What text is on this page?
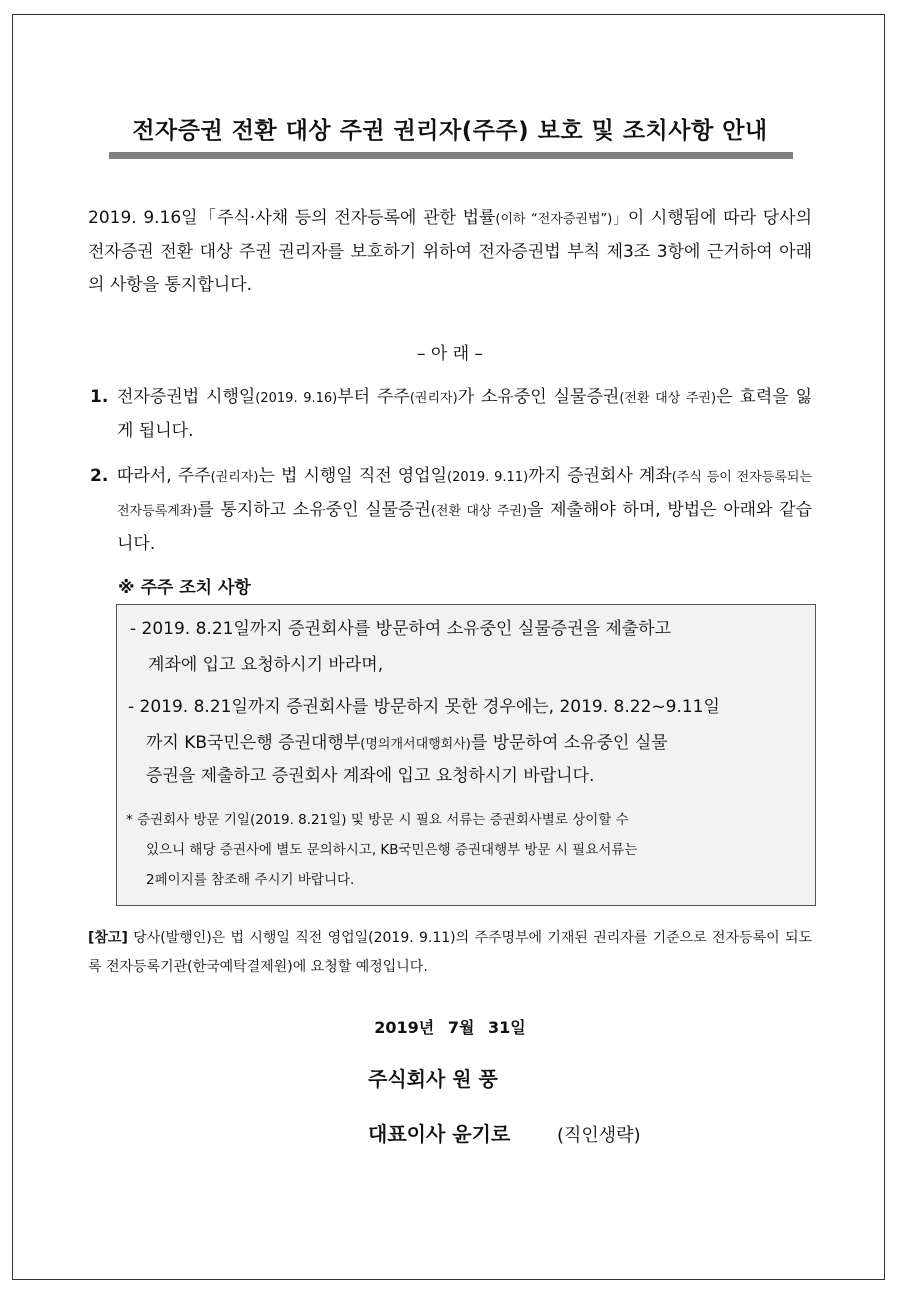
전자증권 전환 대상 주권 권리자(주주) 보호 및 조치사항 안내
2019. 9.16일「주식·사채 등의 전자등록에 관한 법률(이하 “전자증권법”)」이 시행됨에 따라 당사의 전자증권 전환 대상 주권 권리자를 보호하기 위하여 전자증권법 부칙 제3조 3항에 근거하여 아래의 사항을 통지합니다.
– 아 래 –
1. 전자증권법 시행일(2019. 9.16)부터 주주(권리자)가 소유중인 실물증권(전환 대상 주권)은 효력을 잃게 됩니다.
2. 따라서, 주주(권리자)는 법 시행일 직전 영업일(2019. 9.11)까지 증권회사 계좌(주식 등이 전자등록되는 전자등록계좌)를 통지하고 소유중인 실물증권(전환 대상 주권)을 제출해야 하며, 방법은 아래와 같습니다.
※ 주주 조치 사항
- 2019. 8.21일까지 증권회사를 방문하여 소유중인 실물증권을 제출하고
계좌에 입고 요청하시기 바라며,
- 2019. 8.21일까지 증권회사를 방문하지 못한 경우에는, 2019. 8.22~9.11일
까지 KB국민은행 증권대행부(명의개서대행회사)를 방문하여 소유중인 실물
증권을 제출하고 증권회사 계좌에 입고 요청하시기 바랍니다.
* 증권회사 방문 기일(2019. 8.21일) 및 방문 시 필요 서류는 증권회사별로 상이할 수
있으니 해당 증권사에 별도 문의하시고, KB국민은행 증권대행부 방문 시 필요서류는
2페이지를 참조해 주시기 바랍니다.
[참고] 당사(발행인)은 법 시행일 직전 영업일(2019. 9.11)의 주주명부에 기재된 권리자를 기준으로 전자등록이 되도록 전자등록기관(한국예탁결제원)에 요청할 예정입니다.
2019년 7월 31일
주식회사 원 풍
대표이사 윤기로	(직인생략)
